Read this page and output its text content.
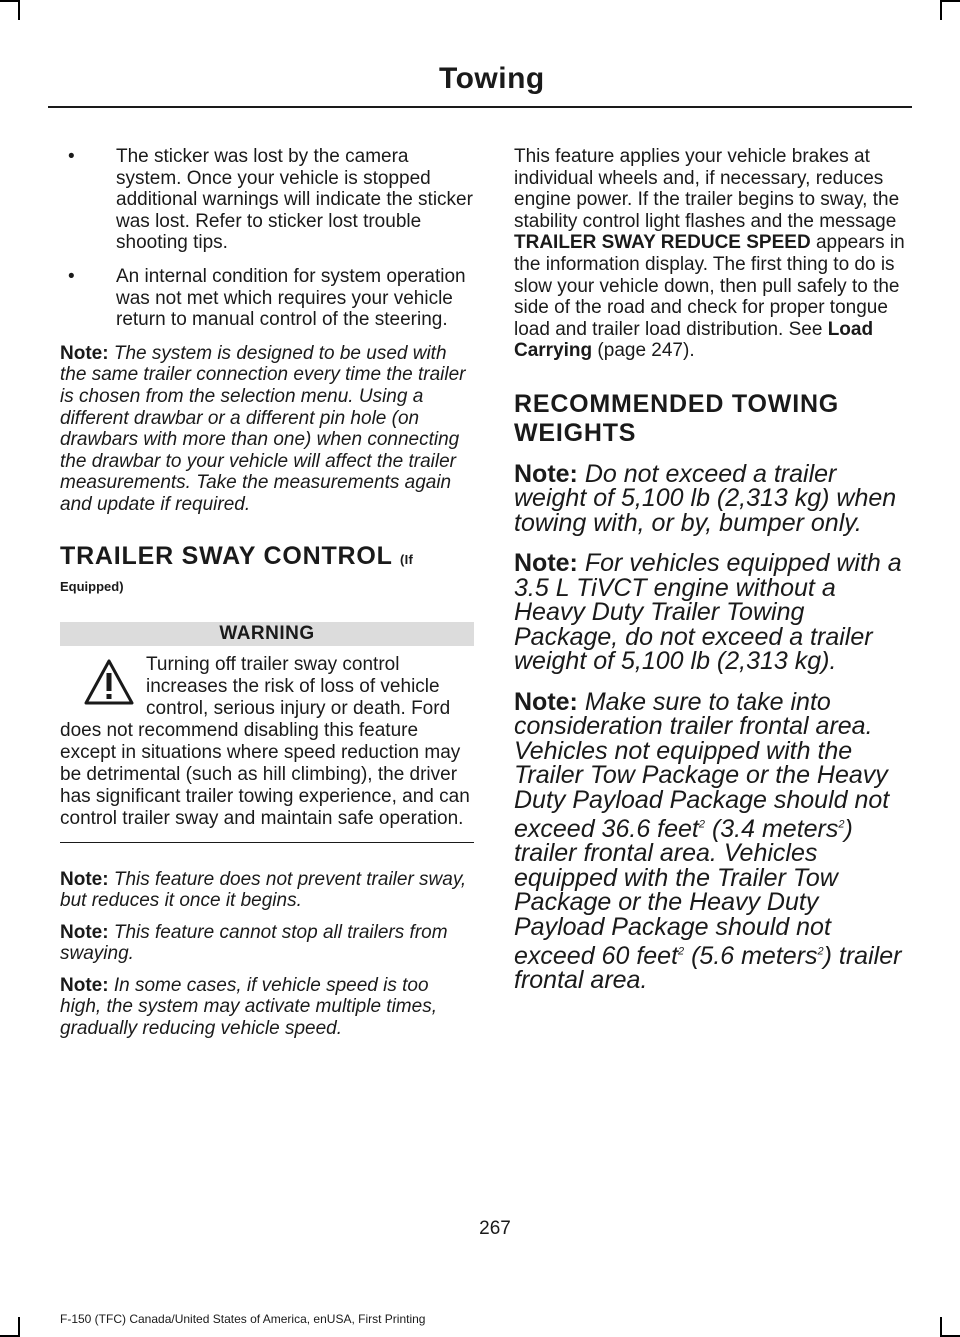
Towing
• The sticker was lost by the camera system. Once your vehicle is stopped additional warnings will indicate the sticker was lost. Refer to sticker lost trouble shooting tips.
• An internal condition for system operation was not met which requires your vehicle return to manual control of the steering.

Note: The system is designed to be used with the same trailer connection every time the trailer is chosen from the selection menu. Using a different drawbar or a different pin hole (on drawbars with more than one) when connecting the drawbar to your vehicle will affect the trailer measurements. Take the measurements again and update if required.

TRAILER SWAY CONTROL (If
Equipped)
WARNING
Turning off trailer sway control increases the risk of loss of vehicle control, serious injury or death. Ford does not recommend disabling this feature except in situations where speed reduction may be detrimental (such as hill climbing), the driver has significant trailer towing experience, and can control trailer sway and maintain safe operation.

Note: This feature does not prevent trailer sway, but reduces it once it begins.

Note: This feature cannot stop all trailers from swaying.

Note: In some cases, if vehicle speed is too high, the system may activate multiple times, gradually reducing vehicle speed.

This feature applies your vehicle brakes at individual wheels and, if necessary, reduces engine power. If the trailer begins to sway, the stability control light flashes and the message TRAILER SWAY REDUCE SPEED appears in the information display. The first thing to do is slow your vehicle down, then pull safely to the side of the road and check for proper tongue load and trailer load distribution. See Load Carrying (page 247).

RECOMMENDED TOWING WEIGHTS

Note: Do not exceed a trailer weight of 5,100 lb (2,313 kg) when towing with, or by, bumper only.

Note: For vehicles equipped with a 3.5 L TiVCT engine without a Heavy Duty Trailer Towing Package, do not exceed a trailer weight of 5,100 lb (2,313 kg).

Note: Make sure to take into consideration trailer frontal area. Vehicles not equipped with the Trailer Tow Package or the Heavy Duty Payload Package should not exceed 36.6 feet$^2$ (3.4 meters$^2$) trailer frontal area. Vehicles equipped with the Trailer Tow Package or the Heavy Duty Payload Package should not exceed 60 feet$^2$ (5.6 meters$^2$) trailer frontal area.

267
F-150 (TFC) Canada/United States of America, enUSA, First Printing
